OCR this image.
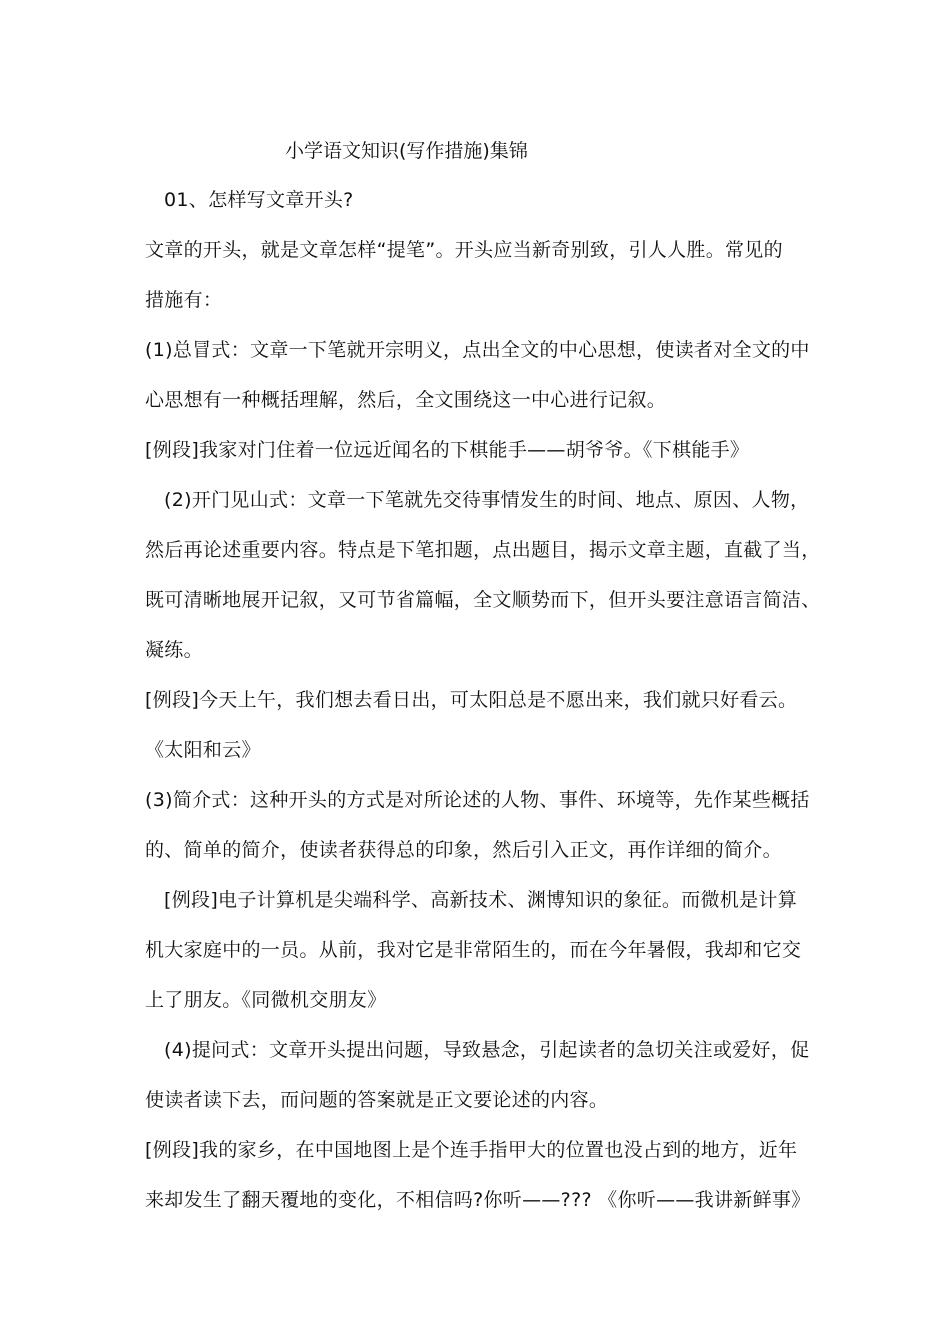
小学语文知识(写作措施)集锦
01、怎样写文章开头?
文章的开头，就是文章怎样“提笔”。开头应当新奇别致，引人人胜。常见的
措施有：
(1)总冒式：文章一下笔就开宗明义，点出全文的中心思想，使读者对全文的中
心思想有一种概括理解，然后，全文围绕这一中心进行记叙。
[例段]我家对门住着一位远近闻名的下棋能手——胡爷爷。《下棋能手》
(2)开门见山式：文章一下笔就先交待事情发生的时间、地点、原因、人物，
然后再论述重要内容。特点是下笔扣题，点出题目，揭示文章主题，直截了当，
既可清晰地展开记叙，又可节省篇幅，全文顺势而下，但开头要注意语言简洁、
凝练。
[例段]今天上午，我们想去看日出，可太阳总是不愿出来，我们就只好看云。
《太阳和云》
(3)简介式：这种开头的方式是对所论述的人物、事件、环境等，先作某些概括
的、简单的简介，使读者获得总的印象，然后引入正文，再作详细的简介。
[例段]电子计算机是尖端科学、高新技术、渊博知识的象征。而微机是计算
机大家庭中的一员。从前，我对它是非常陌生的，而在今年暑假，我却和它交
上了朋友。《同微机交朋友》
(4)提问式：文章开头提出问题，导致悬念，引起读者的急切关注或爱好，促
使读者读下去，而问题的答案就是正文要论述的内容。
[例段]我的家乡，在中国地图上是个连手指甲大的位置也没占到的地方，近年
来却发生了翻天覆地的变化，不相信吗?你听——??? 《你听——我讲新鲜事》
